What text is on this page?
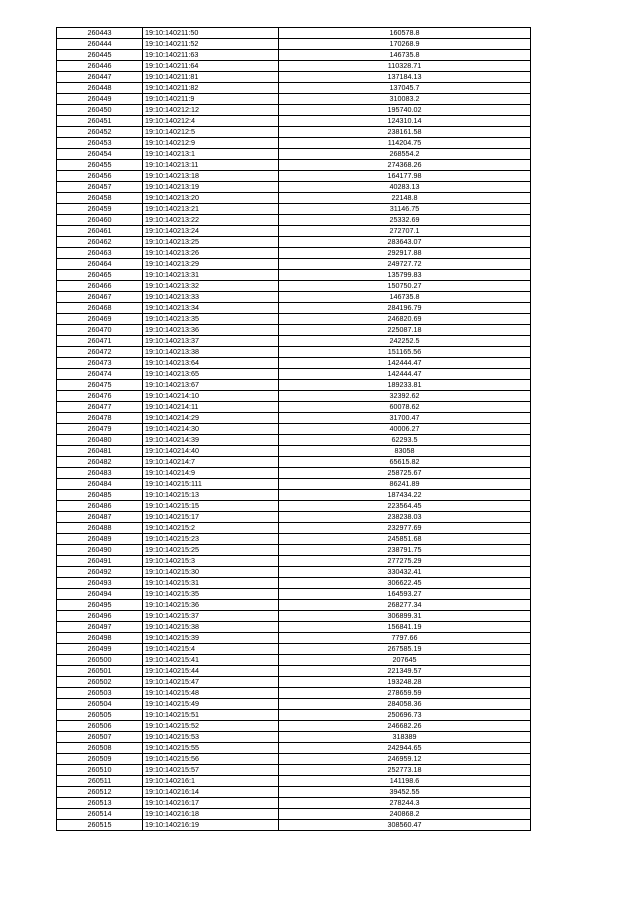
260443	19:10:140211:50	160578.8
260444	19:10:140211:52	170268.9
260445	19:10:140211:63	146735.8
260446	19:10:140211:64	110328.71
260447	19:10:140211:81	137184.13
260448	19:10:140211:82	137045.7
260449	19:10:140211:9	310083.2
260450	19:10:140212:12	195740.02
260451	19:10:140212:4	124310.14
260452	19:10:140212:5	238161.58
260453	19:10:140212:9	114204.75
260454	19:10:140213:1	268554.2
260455	19:10:140213:11	274368.26
260456	19:10:140213:18	164177.98
260457	19:10:140213:19	40283.13
260458	19:10:140213:20	22148.8
260459	19:10:140213:21	31146.75
260460	19:10:140213:22	25332.69
260461	19:10:140213:24	272707.1
260462	19:10:140213:25	283643.07
260463	19:10:140213:26	292917.88
260464	19:10:140213:29	249727.72
260465	19:10:140213:31	135799.83
260466	19:10:140213:32	150750.27
260467	19:10:140213:33	146735.8
260468	19:10:140213:34	284196.79
260469	19:10:140213:35	246820.69
260470	19:10:140213:36	225087.18
260471	19:10:140213:37	242252.5
260472	19:10:140213:38	151165.56
260473	19:10:140213:64	142444.47
260474	19:10:140213:65	142444.47
260475	19:10:140213:67	189233.81
260476	19:10:140214:10	32392.62
260477	19:10:140214:11	60078.62
260478	19:10:140214:29	31700.47
260479	19:10:140214:30	40006.27
260480	19:10:140214:39	62293.5
260481	19:10:140214:40	83058
260482	19:10:140214:7	65615.82
260483	19:10:140214:9	258725.67
260484	19:10:140215:111	86241.89
260485	19:10:140215:13	187434.22
260486	19:10:140215:15	223564.45
260487	19:10:140215:17	238238.03
260488	19:10:140215:2	232977.69
260489	19:10:140215:23	245851.68
260490	19:10:140215:25	238791.75
260491	19:10:140215:3	277275.29
260492	19:10:140215:30	330432.41
260493	19:10:140215:31	306622.45
260494	19:10:140215:35	164593.27
260495	19:10:140215:36	268277.34
260496	19:10:140215:37	306899.31
260497	19:10:140215:38	156841.19
260498	19:10:140215:39	7797.66
260499	19:10:140215:4	267585.19
260500	19:10:140215:41	207645
260501	19:10:140215:44	221349.57
260502	19:10:140215:47	193248.28
260503	19:10:140215:48	278659.59
260504	19:10:140215:49	284058.36
260505	19:10:140215:51	250696.73
260506	19:10:140215:52	246682.26
260507	19:10:140215:53	318389
260508	19:10:140215:55	242944.65
260509	19:10:140215:56	246959.12
260510	19:10:140215:57	252773.18
260511	19:10:140216:1	141198.6
260512	19:10:140216:14	39452.55
260513	19:10:140216:17	278244.3
260514	19:10:140216:18	240868.2
260515	19:10:140216:19	308560.47
